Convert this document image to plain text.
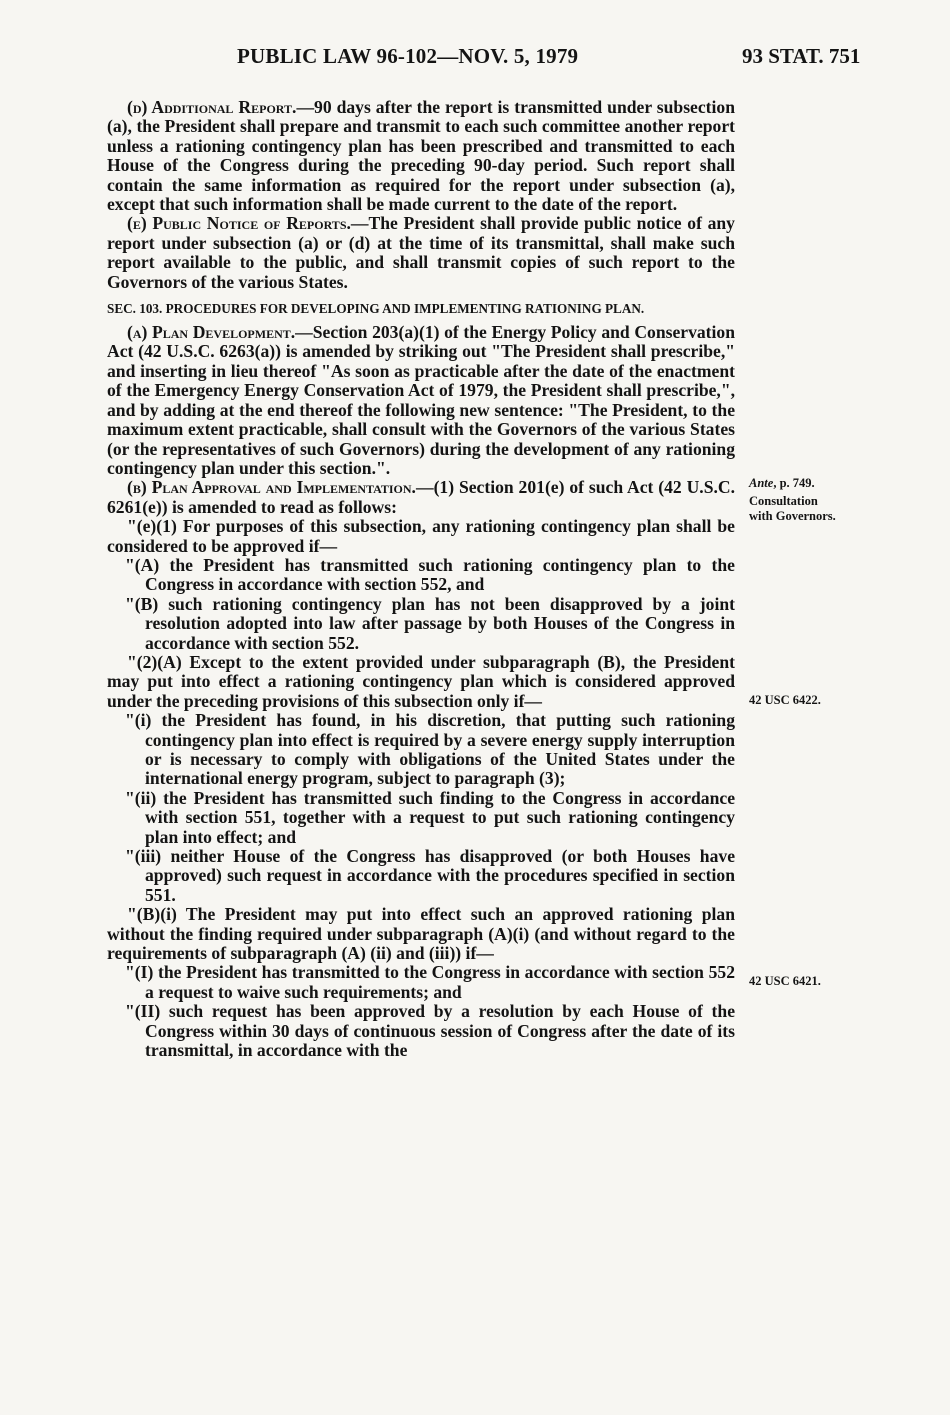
PUBLIC LAW 96-102—NOV. 5, 1979	93 STAT. 751

(d) Additional Report.—90 days after the report is transmitted under subsection (a), the President shall prepare and transmit to each such committee another report unless a rationing contingency plan has been prescribed and transmitted to each House of the Congress during the preceding 90-day period. Such report shall contain the same information as required for the report under subsection (a), except that such information shall be made current to the date of the report.

(e) Public Notice of Reports.—The President shall provide public notice of any report under subsection (a) or (d) at the time of its transmittal, shall make such report available to the public, and shall transmit copies of such report to the Governors of the various States.

SEC. 103. PROCEDURES FOR DEVELOPING AND IMPLEMENTING RATIONING PLAN.

(a) Plan Development.—Section 203(a)(1) of the Energy Policy and Conservation Act (42 U.S.C. 6263(a)) is amended by striking out "The President shall prescribe," and inserting in lieu thereof "As soon as practicable after the date of the enactment of the Emergency Energy Conservation Act of 1979, the President shall prescribe,", and by adding at the end thereof the following new sentence: "The President, to the maximum extent practicable, shall consult with the Governors of the various States (or the representatives of such Governors) during the development of any rationing contingency plan under this section.".

(b) Plan Approval and Implementation.—(1) Section 201(e) of such Act (42 U.S.C. 6261(e)) is amended to read as follows:

"(e)(1) For purposes of this subsection, any rationing contingency plan shall be considered to be approved if—

"(A) the President has transmitted such rationing contingency plan to the Congress in accordance with section 552, and

"(B) such rationing contingency plan has not been disapproved by a joint resolution adopted into law after passage by both Houses of the Congress in accordance with section 552.

"(2)(A) Except to the extent provided under subparagraph (B), the President may put into effect a rationing contingency plan which is considered approved under the preceding provisions of this subsection only if—

"(i) the President has found, in his discretion, that putting such rationing contingency plan into effect is required by a severe energy supply interruption or is necessary to comply with obligations of the United States under the international energy program, subject to paragraph (3);

"(ii) the President has transmitted such finding to the Congress in accordance with section 551, together with a request to put such rationing contingency plan into effect; and

"(iii) neither House of the Congress has disapproved (or both Houses have approved) such request in accordance with the procedures specified in section 551.

"(B)(i) The President may put into effect such an approved rationing plan without the finding required under subparagraph (A)(i) (and without regard to the requirements of subparagraph (A) (ii) and (iii)) if—

"(I) the President has transmitted to the Congress in accordance with section 552 a request to waive such requirements; and

"(II) such request has been approved by a resolution by each House of the Congress within 30 days of continuous session of Congress after the date of its transmittal, in accordance with the

Ante, p. 749.
Consultation
with Governors.
42 USC 6422.
42 USC 6421.
